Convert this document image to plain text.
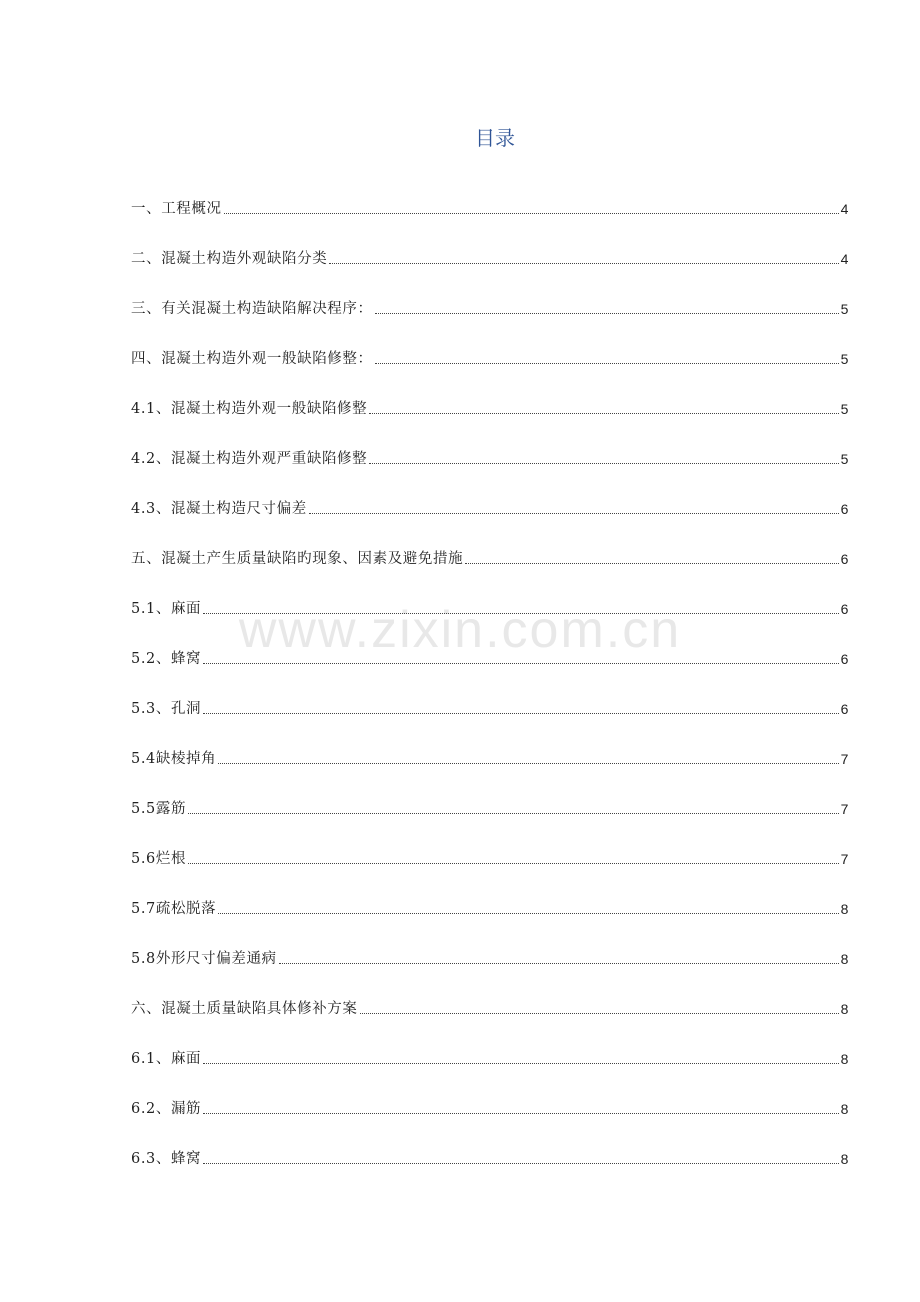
www.zixin.com.cn
目录
一、工程概况	4
二、混凝土构造外观缺陷分类	4
三、有关混凝土构造缺陷解决程序：	5
四、混凝土构造外观一般缺陷修整：	5
4.1、混凝土构造外观一般缺陷修整	5
4.2、混凝土构造外观严重缺陷修整	5
4.3、混凝土构造尺寸偏差	6
五、混凝土产生质量缺陷旳现象、因素及避免措施	6
5.1、麻面	6
5.2、蜂窝	6
5.3、孔洞	6
5.4缺棱掉角	7
5.5露筋	7
5.6烂根	7
5.7疏松脱落	8
5.8外形尺寸偏差通病	8
六、混凝土质量缺陷具体修补方案	8
6.1、麻面	8
6.2、漏筋	8
6.3、蜂窝	8
